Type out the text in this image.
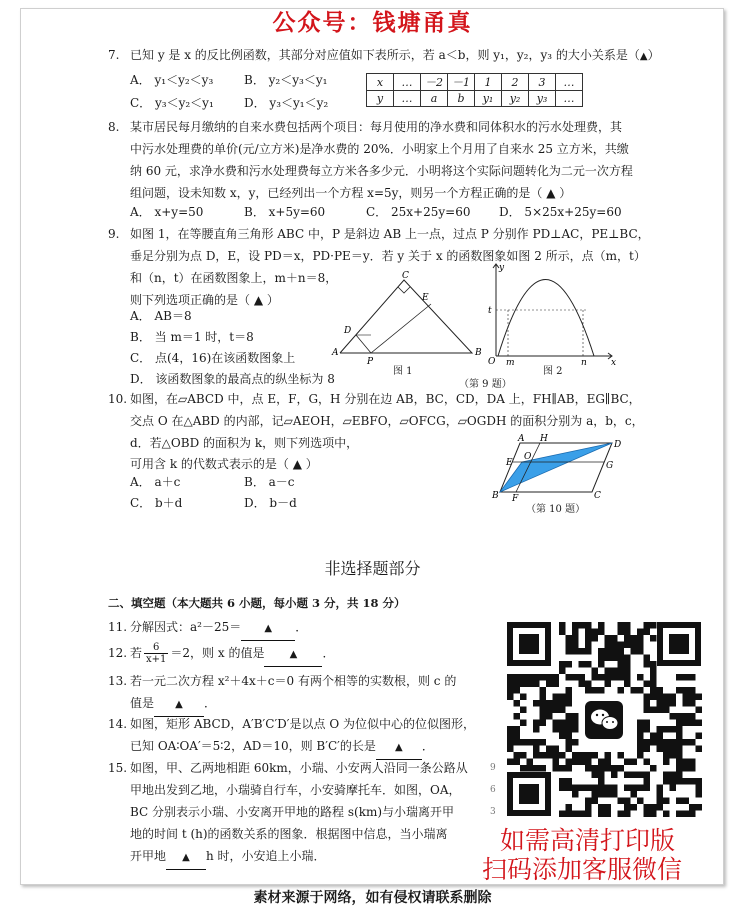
公众号：钱塘甬真
7. 已知 y 是 x 的反比例函数，其部分对应值如下表所示，若 a＜b，则 y₁，y₂，y₃ 的大小关系是（▲）
A． y₁＜y₂＜y₃	B． y₂＜y₃＜y₁
C． y₃＜y₂＜y₁	D． y₃＜y₁＜y₂
x	…	－2	－1	1	2	3	…
y	…	a	b	y₁	y₂	y₃	…
8. 某市居民每月缴纳的自来水费包括两个项目：每月使用的净水费和同体积水的污水处理费，其
中污水处理费的单价(元/立方米)是净水费的 20%．小明家上个月用了自来水 25 立方米，共缴
纳 60 元，求净水费和污水处理费每立方米各多少元．小明将这个实际问题转化为二元一次方程
组问题，设未知数 x，y，已经列出一个方程 x=5y，则另一个方程正确的是（ ▲ ）
A． x+y=50	B． x+5y=60	C． 25x+25y=60 D． 5×25x+25y=60
9. 如图 1，在等腰直角三角形 ABC 中，P 是斜边 AB 上一点，过点 P 分别作 PD⊥AC，PE⊥BC，
垂足分别为点 D，E，设 PD＝x，PD·PE＝y．若 y 关于 x 的函数图象如图 2 所示，点（m，t）
和（n，t）在函数图象上，m＋n＝8，
则下列选项正确的是（ ▲ ）
A． AB＝8
B． 当 m＝1 时，t＝8
C． 点(4，16)在该函数图象上
D． 该函数图象的最高点的纵坐标为 8
A	B
C
D
E
P
图 1
y
t
O m	n	x
图 2
（第 9 题）
10. 如图，在▱ABCD 中，点 E，F，G，H 分别在边 AB，BC，CD，DA 上，FH∥AB，EG∥BC，
交点 O 在△ABD 的内部，记▱AEOH，▱EBFO，▱OFCG，▱OGDH 的面积分别为 a，b，c，
d．若△OBD 的面积为 k，则下列选项中，
可用含 k 的代数式表示的是（ ▲ ）
A． a＋c	B． a－c
C． b＋d	D． b－d
A H
D
E
O
G
B F	C
（第 10 题）
非选择题部分
二、填空题（本大题共 6 小题，每小题 3 分，共 18 分）
11. 分解因式：a²－25＝ ▲ ．
12. 若 $\frac{6}{x+1} =2$，则 x 的值是	▲ ．
13. 若一元二次方程 x²＋4x＋c＝0 有两个相等的实数根，则 c 的
值是 ▲ ．
14. 如图，矩形 ABCD，A′B′C′D′是以点 O 为位似中心的位似图形，
已知 OA∶OA′＝5∶2，AD＝10，则 B′C′的长是 ▲ ．
15. 如图，甲、乙两地相距 60km，小瑞、小安两人沿同一条公路从
甲地出发到乙地，小瑞骑自行车，小安骑摩托车．如图，OA，
BC 分别表示小瑞、小安离开甲地的路程 s(km)与小瑞离开甲
地的时间 t (h)的函数关系的图象．根据图中信息，当小瑞离
开甲地 ▲ h 时，小安追上小瑞．
9
6
3
如需高清打印版
扫码添加客服微信
素材来源于网络，如有侵权请联系删除
